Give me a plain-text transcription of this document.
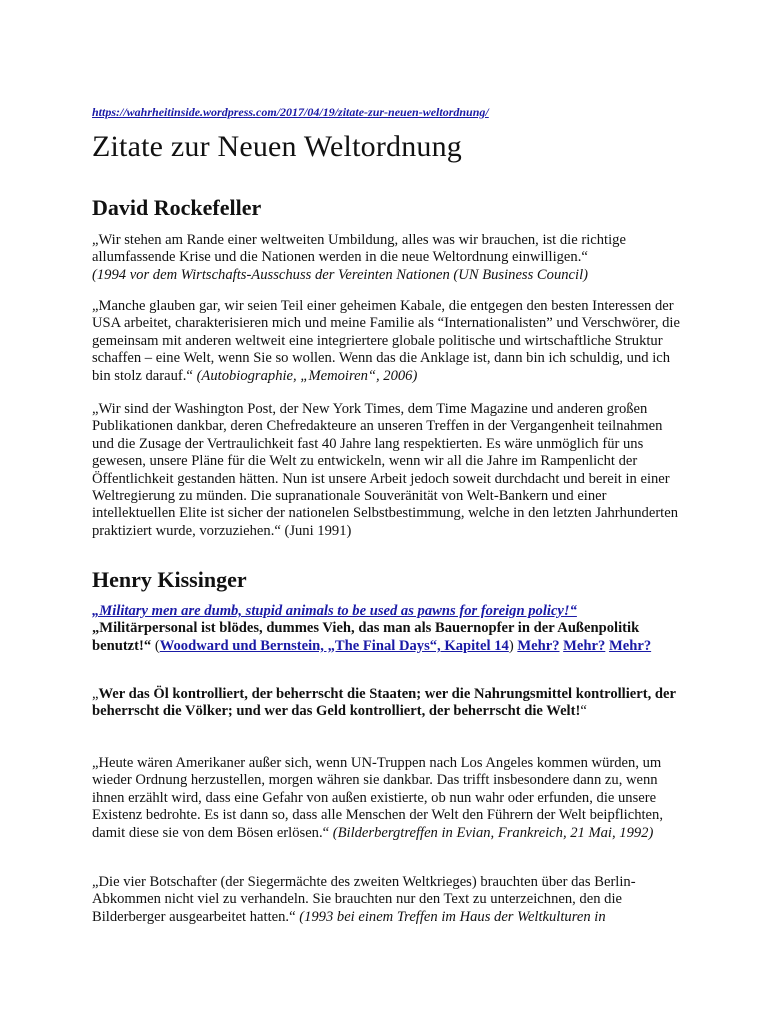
https://wahrheitinside.wordpress.com/2017/04/19/zitate-zur-neuen-weltordnung/
Zitate zur Neuen Weltordnung
David Rockefeller

„Wir stehen am Rande einer weltweiten Umbildung, alles was wir brauchen, ist die richtige allumfassende Krise und die Nationen werden in die neue Weltordnung einwilligen.“
(1994 vor dem Wirtschafts-Ausschuss der Vereinten Nationen (UN Business Council)

„Manche glauben gar, wir seien Teil einer geheimen Kabale, die entgegen den besten Interessen der USA arbeitet, charakterisieren mich und meine Familie als “Internationalisten” und Verschwörer, die gemeinsam mit anderen weltweit eine integriertere globale politische und wirtschaftliche Struktur schaffen – eine Welt, wenn Sie so wollen. Wenn das die Anklage ist, dann bin ich schuldig, und ich bin stolz darauf.“ (Autobiographie, „Memoiren“, 2006)

„Wir sind der Washington Post, der New York Times, dem Time Magazine und anderen großen Publikationen dankbar, deren Chefredakteure an unseren Treffen in der Vergangenheit teilnahmen und die Zusage der Vertraulichkeit fast 40 Jahre lang respektierten. Es wäre unmöglich für uns gewesen, unsere Pläne für die Welt zu entwickeln, wenn wir all die Jahre im Rampenlicht der Öffentlichkeit gestanden hätten. Nun ist unsere Arbeit jedoch soweit durchdacht und bereit in einer Weltregierung zu münden. Die supranationale Souveränität von Welt-Bankern und einer intellektuellen Elite ist sicher der nationelen Selbstbestimmung, welche in den letzten Jahrhunderten praktiziert wurde, vorzuziehen.“ (Juni 1991)

Henry Kissinger

„Military men are dumb, stupid animals to be used as pawns for foreign policy!“
„Militärpersonal ist blödes, dummes Vieh, das man als Bauernopfer in der Außenpolitik benutzt!“ (Woodward und Bernstein, „The Final Days“, Kapitel 14) Mehr? Mehr? Mehr?

„Wer das Öl kontrolliert, der beherrscht die Staaten; wer die Nahrungsmittel kontrolliert, der beherrscht die Völker; und wer das Geld kontrolliert, der beherrscht die Welt!“

„Heute wären Amerikaner außer sich, wenn UN-Truppen nach Los Angeles kommen würden, um wieder Ordnung herzustellen, morgen währen sie dankbar. Das trifft insbesondere dann zu, wenn ihnen erzählt wird, dass eine Gefahr von außen existierte, ob nun wahr oder erfunden, die unsere Existenz bedrohte. Es ist dann so, dass alle Menschen der Welt den Führern der Welt beipflichten, damit diese sie von dem Bösen erlösen.“ (Bilderbergtreffen in Evian, Frankreich, 21 Mai, 1992)

„Die vier Botschafter (der Siegermächte des zweiten Weltkrieges) brauchten über das Berlin-Abkommen nicht viel zu verhandeln. Sie brauchten nur den Text zu unterzeichnen, den die Bilderberger ausgearbeitet hatten.“ (1993 bei einem Treffen im Haus der Weltkulturen in
